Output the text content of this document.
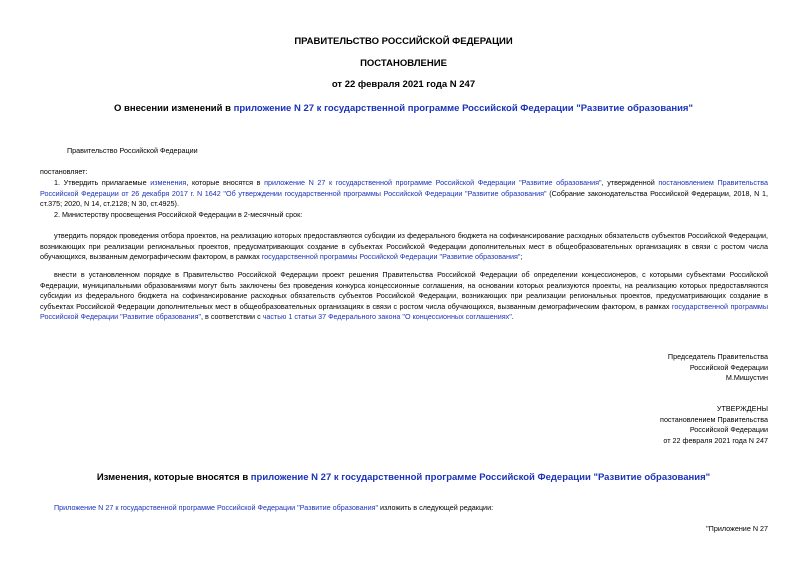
ПРАВИТЕЛЬСТВО РОССИЙСКОЙ ФЕДЕРАЦИИ
ПОСТАНОВЛЕНИЕ
от 22 февраля 2021 года N 247
О внесении изменений в приложение N 27 к государственной программе Российской Федерации "Развитие образования"
Правительство Российской Федерации
постановляет:
1. Утвердить прилагаемые изменения, которые вносятся в приложение N 27 к государственной программе Российской Федерации "Развитие образования", утвержденной постановлением Правительства Российской Федерации от 26 декабря 2017 г. N 1642 "Об утверждении государственной программы Российской Федерации "Развитие образования" (Собрание законодательства Российской Федерации, 2018, N 1, ст.375; 2020, N 14, ст.2128; N 30, ст.4925).
2. Министерству просвещения Российской Федерации в 2-месячный срок:
утвердить порядок проведения отбора проектов, на реализацию которых предоставляются субсидии из федерального бюджета на софинансирование расходных обязательств субъектов Российской Федерации, возникающих при реализации региональных проектов, предусматривающих создание в субъектах Российской Федерации дополнительных мест в общеобразовательных организациях в связи с ростом числа обучающихся, вызванным демографическим фактором, в рамках государственной программы Российской Федерации "Развитие образования";
внести в установленном порядке в Правительство Российской Федерации проект решения Правительства Российской Федерации об определении концессионеров, с которыми субъектами Российской Федерации, муниципальными образованиями могут быть заключены без проведения конкурса концессионные соглашения, на основании которых реализуются проекты, на реализацию которых предоставляются субсидии из федерального бюджета на софинансирование расходных обязательств субъектов Российской Федерации, возникающих при реализации региональных проектов, предусматривающих создание в субъектах Российской Федерации дополнительных мест в общеобразовательных организациях в связи с ростом числа обучающихся, вызванным демографическим фактором, в рамках государственной программы Российской Федерации "Развитие образования", в соответствии с частью 1 статьи 37 Федерального закона "О концессионных соглашениях".
Председатель Правительства
Российской Федерации
М.Мишустин
УТВЕРЖДЕНЫ
постановлением Правительства
Российской Федерации
от 22 февраля 2021 года N 247
Изменения, которые вносятся в приложение N 27 к государственной программе Российской Федерации "Развитие образования"
Приложение N 27 к государственной программе Российской Федерации "Развитие образования" изложить в следующей редакции:
"Приложение N 27
